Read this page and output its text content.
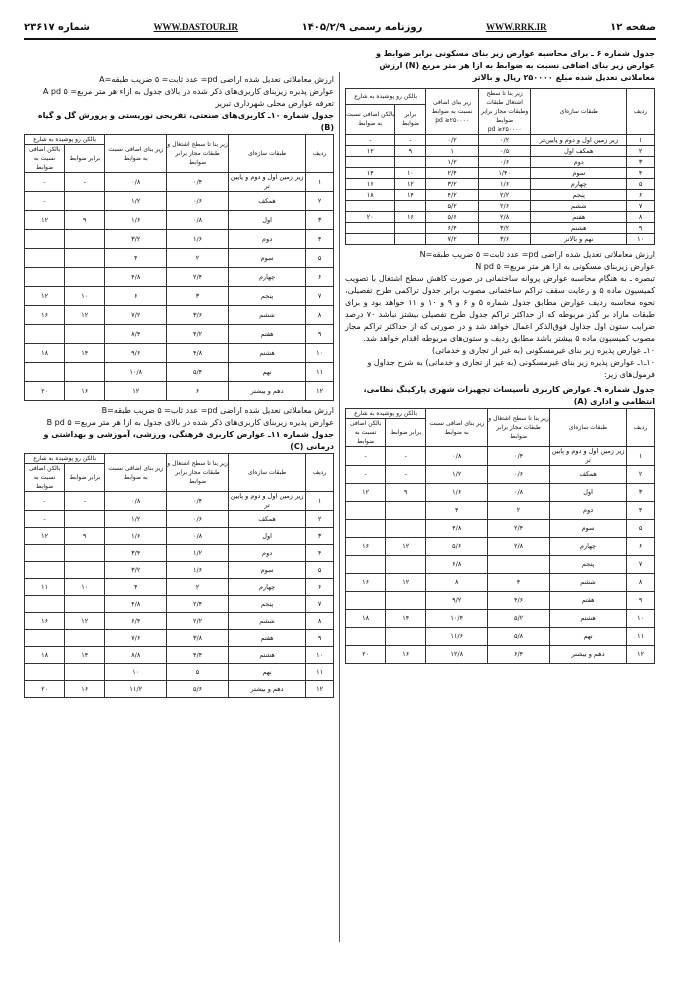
صفحه ۱۲
WWW.RRK.IR
روزنامه رسمی ۱۴۰۵/۲/۹
WWW.DASTOUR.IR
شماره ۲۳۶۱۷

جدول شماره ۶ ـ برای محاسبه عوارض زیر بنای مسکونی برابر ضوابط و عوارض زیر بنای اضافی نسبت به ضوابط به ازا هر متر مربع (N) ارزش معاملاتی تعدیل شده مبلغ ۲۵۰۰۰۰ ریال و بالاتر

ردیف	طبقات سازه‌ای	زیر بنا تا سطح اشتغال طبقات وطبقات مجاز برابر ضوابط
pd ≥۲۵۰۰۰۰	زیر بنای اضافی نسبت به ضوابط
pd ≥۲۵۰۰۰۰	بالکن رو پوشیده به شارع	
				برابر ضوابط	بالکن اضافی نسبت به ضوابط
۱	زیر زمین اول و دوم و پایین‌تر	۰/۲	۰/۲	-	-
۲	همکف اول	۰/۵	۱	۹	۱۲
۳	دوم	۰/۶	۱/۲		
۴	سوم	۱/۴۰	۲/۴	۱۰	۱۴
۵	چهارم	۱/۶	۳/۲	۱۲	۱۶
۶	پنجم	۲/۲	۴/۲	۱۴	۱۸
۷	ششم	۲/۶	۵/۲		
۸	هفتم	۲/۸	۵/۶	۱۶	۲۰
۹	هشتم	۳/۲	۶/۴		
۱۰	نهم و بالاتر	۳/۶	۷/۲		

ارزش معاملاتی تعدیل شده اراضی pd= عدد ثابت= ۵ ضریب طبقه=N

عوارض زیربنای مسکونی به ازا هر متر مربع= N pd ۵

تبصره ـ به هنگام محاسبه عوارض پروانه ساختمانی در صورت کاهش سطح اشتغال با تصویب کمیسیون ماده ۵ و رعایت سقف تراکم ساختمانی مصوب برابر جدول تراکمی طرح تفصیلی، نحوه محاسبه ردیف عوارض مطابق جدول شماره ۵ و ۶ و ۹ و ۱۰ و ۱۱ خواهد بود و برای طبقات مازاد بر گذر مربوطه که از حداکثر تراکم جدول طرح تفصیلی بیشتر نباشد ۷۰ درصد ضرایب ستون اول جداول فوق‌الذکر اعمال خواهد شد و در صورتی که از حداکثر تراکم مجاز مصوب کمیسیون ماده ۵ بیشتر باشد مطابق ردیف و ستون‌های مربوطه اقدام خواهد شد.

۱۰ـ عوارض پذیره زیر بنای غیرمسکونی (به غیر از تجاری و خدماتی)

۱۰ـ۱ـ عوارض پذیره زیر بنای غیرمسکونی (به غیر از تجاری و خدماتی) به شرح جداول و فرمول‌های زیر:

جدول شماره ۹ـ عوارض کاربری تأسیسات تجهیزات شهری پارکینگ نظامی، انتظامی و اداری (A)

ردیف	طبقات سازه‌ای	زیر بنا تا سطح اشتغال و طبقات مجاز برابر ضوابط	زیر بنای اضافی نسبت به ضوابط	بالکن رو پوشیده به شارع	
				برابر ضوابط	بالکن اضافی نسبت به ضوابط
۱	زیر زمین اول و دوم و پایین تر	۰/۴	۰/۸	-	-
۲	همکف	۰/۶	۱/۲	-	-
۳	اول	۰/۸	۱/۶	۹	۱۲
۴	دوم	۲	۴		
۵	سوم	۲/۴	۴/۸		
۶	چهارم	۲/۸	۵/۶	۱۲	۱۶
۷	پنجم		۶/۸		
۸	ششم	۴	۸	۱۲	۱۶
۹	هفتم	۴/۶	۹/۲		
۱۰	هشتم	۵/۲	۱۰/۴	۱۴	۱۸
۱۱	نهم	۵/۸	۱۱/۶		
۱۲	دهم و بیشتر	۶/۴	۱۲/۸	۱۶	۲۰

ارزش معاملاتی تعدیل شده اراضی pd= عدد ثابت= ۵ ضریب طبقه=A

عوارض پذیره زیربنای کاربری‌های ذکر شده در بالای جدول به ازاء هر متر مربع= A pd ۵

تعرفه عوارض محلی شهرداری تبریز

جدول شماره ۱۰ـ کاربری‌های صنعتی، تفریحی توریستی و پرورش گل و گیاه (B)

ردیف	طبقات سازه‌ای	زیر بنا تا سطح اشتغال و طبقات مجاز برابر ضوابط	زیر بنای اضافی نسبت به ضوابط	بالکن رو پوشیده به شارع	
				برابر ضوابط	بالکن اضافی نسبت به ضوابط
۱	زیر زمین اول و دوم و پایین تر	۰/۴	۰/۸	-	-
۲	همکف	۰/۶	۱/۲		-
۳	اول	۰/۸	۱/۶	۹	۱۲
۴	دوم	۱/۶	۳/۲		
۵	سوم	۲	۴		
۶	چهارم	۲/۴	۴/۸		
۷	پنجم	۳	۶	۱۰	۱۲
۸	ششم	۳/۶	۷/۲	۱۲	۱۶
۹	هفتم	۴/۲	۸/۴		
۱۰	هشتم	۴/۸	۹/۶	۱۴	۱۸
۱۱	نهم	۵/۴	۱۰/۸		
۱۲	دهم و بیشتر	۶	۱۲	۱۶	۲۰

ارزش معاملاتی تعدیل شده اراضی pd= عدد ثاب= ۵ ضریب طبقه=B

عوارض پذیره زیربنای کاربری‌های ذکر شده در بالای جدول به ازا هر متر مربع= B pd ۵

جدول شماره ۱۱ـ عوارض کاربری فرهنگی، ورزشی، آموزشی و بهداشتی و درمانی (C)

ردیف	طبقات سازه‌ای	زیر بنا تا سطح اشتغال و طبقات مجاز برابر ضوابط	زیر بنای اضافی نسبت به ضوابط	بالکن رو پوشیده به شارع	
				برابر ضوابط	بالکن اضافی نسبت به ضوابط
۱	زیر زمین اول و دوم و پایین تر	۰/۴	۰/۸	-	-
۲	همکف	۰/۶	۱/۲		-
۳	اول	۰/۸	۱/۶	۹	۱۲
۴	دوم	۱/۲	۳/۴		
۵	سوم	۱/۶	۳/۲		
۶	چهارم	۲	۴	۱۰	۱۱
۷	پنجم	۲/۴	۴/۸		
۸	ششم	۲/۲	۶/۴	۱۲	۱۶
۹	هفتم	۳/۸	۷/۶		
۱۰	هشتم	۴/۴	۸/۸	۱۴	۱۸
۱۱	نهم	۵	۱۰		
۱۲	دهم و بیشتر	۵/۶	۱۱/۲	۱۶	۲۰
